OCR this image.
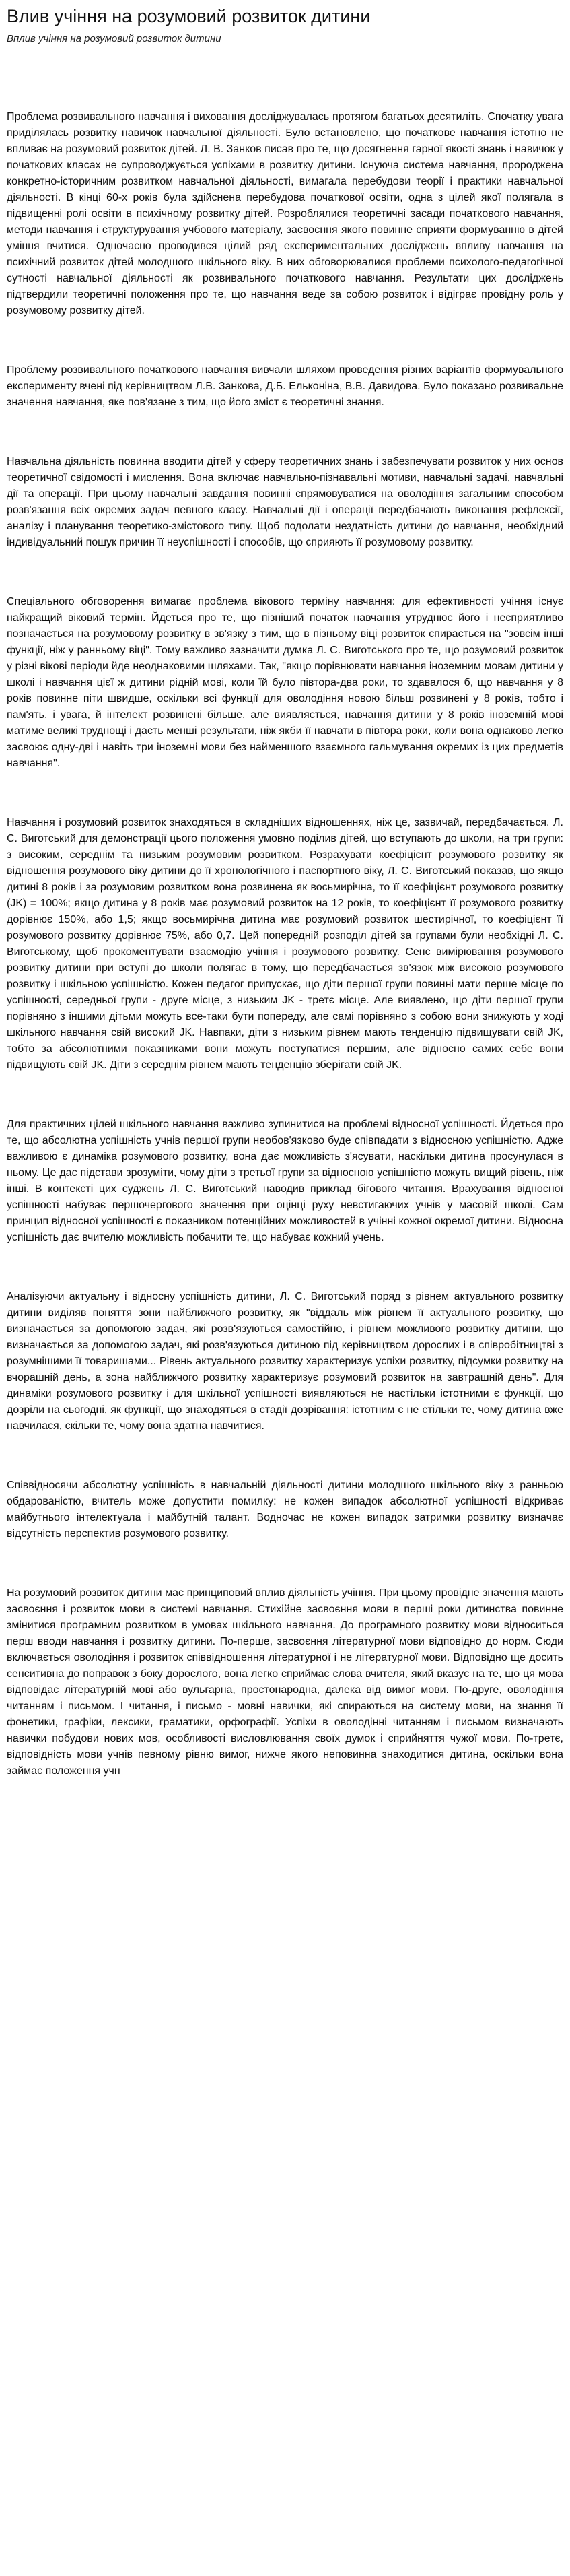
Влив учіння на розумовий розвиток дитини

Вплив учіння на розумовий розвиток дитини

Проблема розвивального навчання і виховання досліджувалась протягом багатьох десятиліть. Спочатку увага приділялась розвитку навичок навчальної діяльності. Було встановлено, що початкове навчання істотно не впливає на розумовий розвиток дітей. Л. В. Занков писав про те, що досягнення гарної якості знань і навичок у початкових класах не супроводжується успіхами в розвитку дитини. Існуюча система навчання, пророджена конкретно-історичним розвитком навчальної діяльності, вимагала перебудови теорії і практики навчальної діяльності. В кінці 60-х років була здійснена перебудова початкової освіти, одна з цілей якої полягала в підвищенні ролі освіти в психічному розвитку дітей. Розроблялися теоретичні засади початкового навчання, методи навчання і структурування учбового матеріалу, засвоєння якого повинне сприяти формуванню в дітей уміння вчитися. Одночасно проводився цілий ряд експериментальних досліджень впливу навчання на психічний розвиток дітей молодшого шкільного віку. В них обговорювалися проблеми психолого-педагогічної сутності навчальної діяльності як розвивального початкового навчання. Результати цих досліджень підтвердили теоретичні положення про те, що навчання веде за собою розвиток і відіграє провідну роль у розумовому розвитку дітей.

Проблему розвивального початкового навчання вивчали шляхом проведення різних варіантів формувального експерименту вчені під керівництвом Л.В. Занкова, Д.Б. Ельконіна, В.В. Давидова. Було показано розвивальне значення навчання, яке пов'язане з тим, що його зміст є теоретичні знання.

Навчальна діяльність повинна вводити дітей у сферу теоретичних знань і забезпечувати розвиток у них основ теоретичної свідомості і мислення. Вона включає навчально-пізнавальні мотиви, навчальні задачі, навчальні дії та операції. При цьому навчальні завдання повинні спрямовуватися на оволодіння загальним способом розв'язання всіх окремих задач певного класу. Навчальні дії і операції передбачають виконання рефлексії, аналізу і планування теоретико-змістового типу. Щоб подолати нездатність дитини до навчання, необхідний індивідуальний пошук причин її неуспішності і способів, що сприяють її розумовому розвитку.

Спеціального обговорення вимагає проблема вікового терміну навчання: для ефективності учіння існує найкращий віковий термін. Йдеться про те, що пізніший початок навчання утруднює його і несприятливо позначається на розумовому розвитку в зв'язку з тим, що в пізньому віці розвиток спирається на "зовсім інші функції, ніж у ранньому віці". Тому важливо зазначити думка Л. С. Виготського про те, що розумовий розвиток у різні вікові періоди йде неоднаковими шляхами. Так, "якщо порівнювати навчання іноземним мовам дитини у школі і навчання цієї ж дитини рідній мові, коли їй було півтора-два роки, то здавалося б, що навчання у 8 років повинне піти швидше, оскільки всі функції для оволодіння новою більш розвинені у 8 років, тобто і пам'ять, і увага, й інтелект розвинені більше, але виявляється, навчання дитини у 8 років іноземній мові матиме великі труднощі і дасть менші результати, ніж якби її навчати в півтора роки, коли вона однаково легко засвоює одну-дві і навіть три іноземні мови без найменшого взаємного гальмування окремих із цих предметів навчання".

Навчання і розумовий розвиток знаходяться в складніших відношеннях, ніж це, зазвичай, передбачається. Л. С. Виготський для демонстрації цього положення умовно поділив дітей, що вступають до школи, на три групи: з високим, середнім та низьким розумовим розвитком. Розрахувати коефіцієнт розумового розвитку як відношення розумового віку дитини до її хронологічного і паспортного віку, Л. С. Виготський показав, що якщо дитині 8 років і за розумовим розвитком вона розвинена як восьмирічна, то її коефіцієнт розумового розвитку (JK) = 100%; якщо дитина у 8 років має розумовий розвиток на 12 років, то коефіцієнт її розумового розвитку дорівнює 150%, або 1,5; якщо восьмирічна дитина має розумовий розвиток шестирічної, то коефіцієнт її розумового розвитку дорівнює 75%, або 0,7. Цей попередній розподіл дітей за групами були необхідні Л. С. Виготському, щоб прокоментувати взаємодію учіння і розумового розвитку. Сенс вимірювання розумового розвитку дитини при вступі до школи полягає в тому, що передбачається зв'язок між високою розумового розвитку і шкільною успішністю. Кожен педагог припускає, що діти першої групи повинні мати перше місце по успішності, середньої групи - друге місце, з низьким JK - третє місце. Але виявлено, що діти першої групи порівняно з іншими дітьми можуть все-таки бути попереду, але самі порівняно з собою вони знижують у ході шкільного навчання свій високий JK. Навпаки, діти з низьким рівнем мають тенденцію підвищувати свій JK, тобто за абсолютними показниками вони можуть поступатися першим, але відносно самих себе вони підвищують свій JK. Діти з середнім рівнем мають тенденцію зберігати свій JK.

Для практичних цілей шкільного навчання важливо зупинитися на проблемі відносної успішності. Йдеться про те, що абсолютна успішність учнів першої групи необов'язково буде співпадати з відносною успішністю. Адже важливою є динаміка розумового розвитку, вона дає можливість з'ясувати, наскільки дитина просунулася в ньому. Це дає підстави зрозуміти, чому діти з третьої групи за відносною успішністю можуть вищий рівень, ніж інші. В контексті цих суджень Л. С. Виготський наводив приклад бігового читання. Врахування відносної успішності набуває першочергового значення при оцінці руху невстигаючих учнів у масовій школі. Сам принцип відносної успішності є показником потенційних можливостей в учінні кожної окремої дитини. Відносна успішність дає вчителю можливість побачити те, що набуває кожний учень.

Аналізуючи актуальну і відносну успішність дитини, Л. С. Виготський поряд з рівнем актуального розвитку дитини виділяв поняття зони найближчого розвитку, як "віддаль між рівнем її актуального розвитку, що визначається за допомогою задач, які розв'язуються самостійно, і рівнем можливого розвитку дитини, що визначається за допомогою задач, які розв'язуються дитиною під керівництвом дорослих і в співробітництві з розумнішими її товаришами... Рівень актуального розвитку характеризує успіхи розвитку, підсумки розвитку на вчорашній день, а зона найближчого розвитку характеризує розумовий розвиток на завтрашній день". Для динаміки розумового розвитку і для шкільної успішності виявляються не настільки істотними є функції, що дозріли на сьогодні, як функції, що знаходяться в стадії дозрівання: істотним є не стільки те, чому дитина вже навчилася, скільки те, чому вона здатна навчитися.

Співвідносячи абсолютну успішність в навчальній діяльності дитини молодшого шкільного віку з ранньою обдарованістю, вчитель може допустити помилку: не кожен випадок абсолютної успішності відкриває майбутнього інтелектуала і майбутній талант. Водночас не кожен випадок затримки розвитку визначає відсутність перспектив розумового розвитку.

На розумовий розвиток дитини має принциповий вплив діяльність учіння. При цьому провідне значення мають засвоєння і розвиток мови в системі навчання. Стихійне засвоєння мови в перші роки дитинства повинне змінитися програмним розвитком в умовах шкільного навчання. До програмного розвитку мови відноситься перш вводи навчання і розвитку дитини. По-перше, засвоєння літературної мови відповідно до норм. Сюди включається оволодіння і розвиток співвідношення літературної і не літературної мови. Відповідно ще досить сенситивна до поправок з боку дорослого, вона легко сприймає слова вчителя, який вказує на те, що ця мова відповідає літературній мові або вульгарна, простонародна, далека від вимог мови. По-друге, оволодіння читанням і письмом. І читання, і письмо - мовні навички, які спираються на систему мови, на знання її фонетики, графіки, лексики, граматики, орфографії. Успіхи в оволодінні читанням і письмом визначають навички побудови нових мов, особливості висловлювання своїх думок і сприйняття чужої мови. По-третє, відповідність мови учнів певному рівню вимог, нижче якого неповинна знаходитися дитина, оскільки вона займає положення учн
